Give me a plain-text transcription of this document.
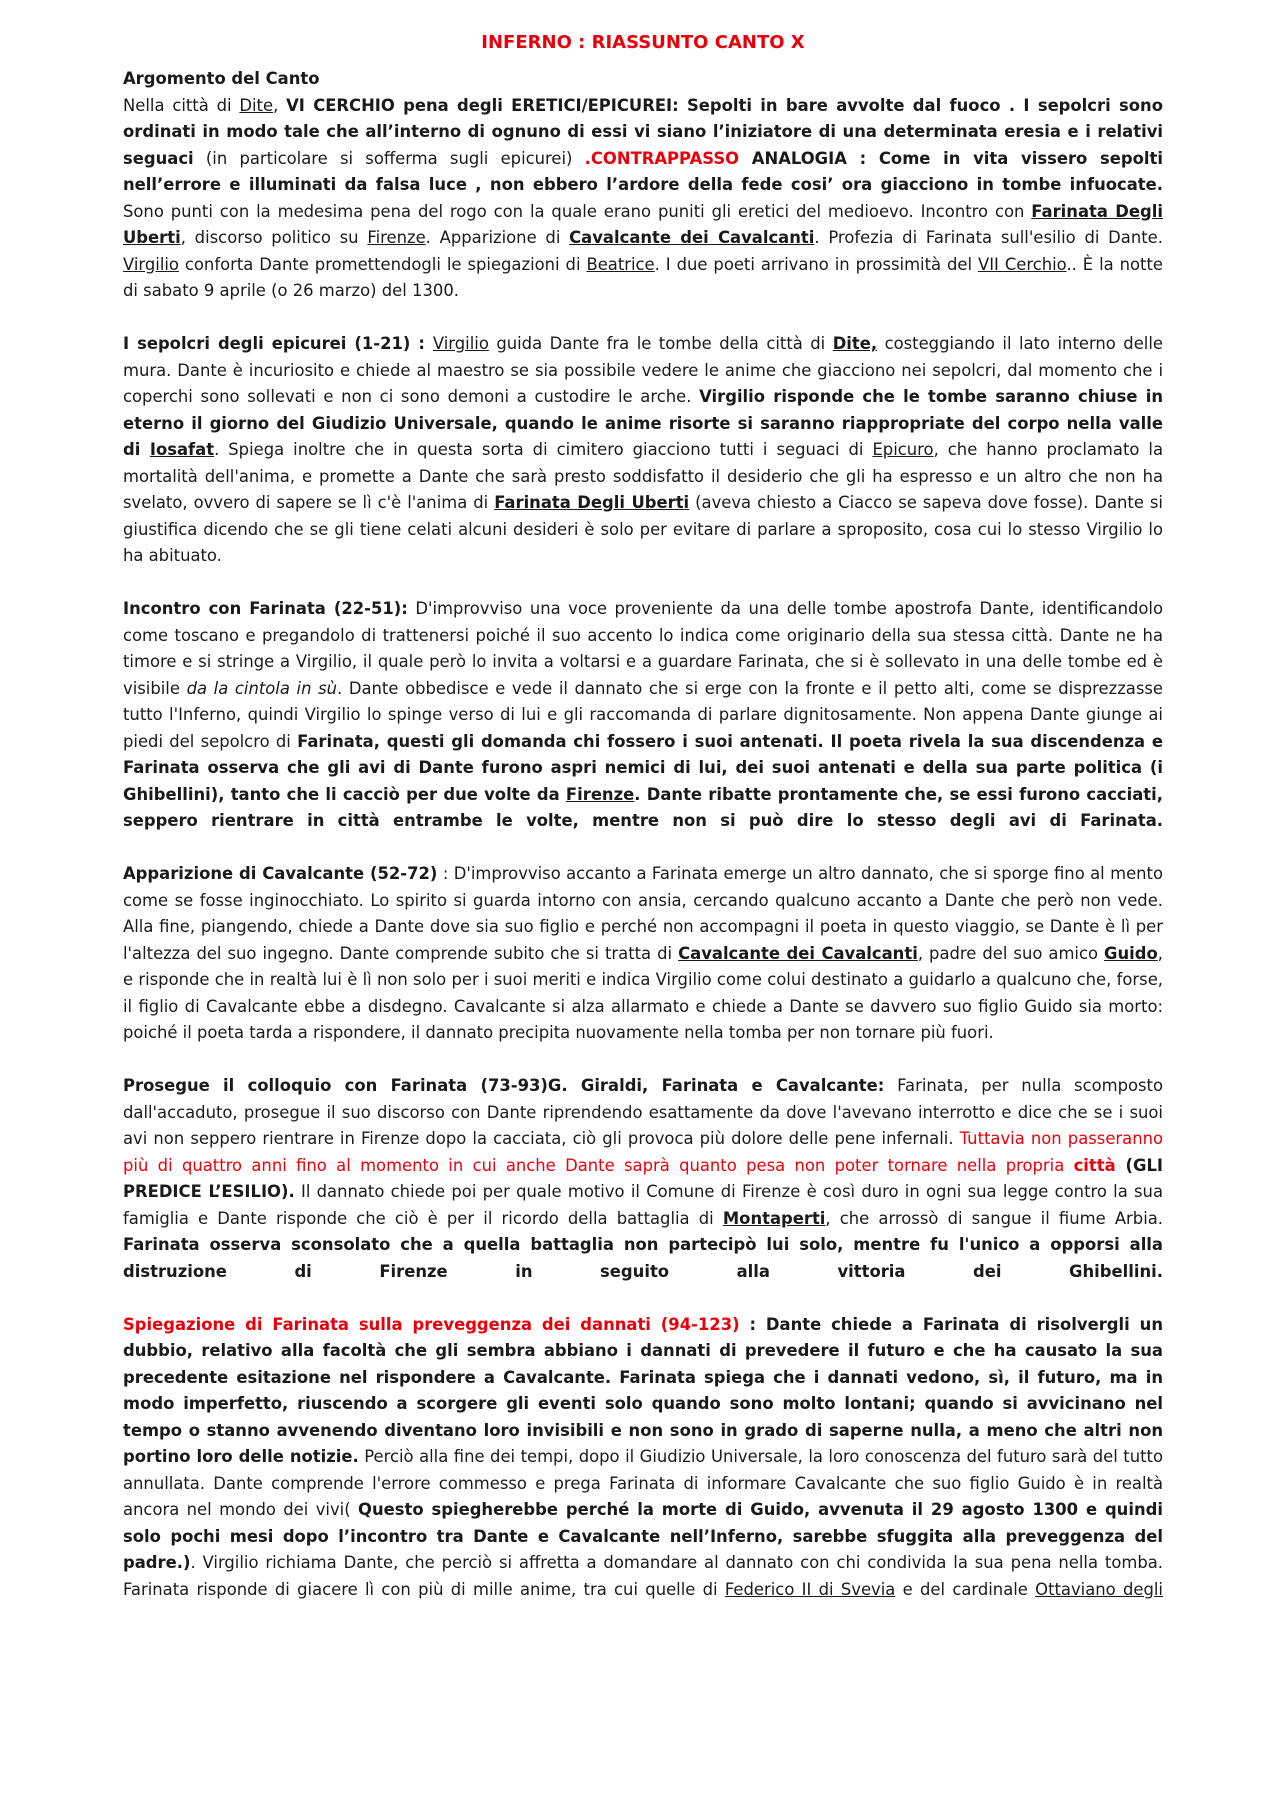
INFERNO : RIASSUNTO CANTO X
Argomento del Canto

Nella città di Dite, VI CERCHIO pena degli ERETICI/EPICUREI: Sepolti in bare avvolte dal fuoco . I sepolcri sono ordinati in modo tale che all’interno di ognuno di essi vi siano l’iniziatore di una determinata eresia e i relativi seguaci (in particolare si sofferma sugli epicurei) .CONTRAPPASSO ANALOGIA : Come in vita vissero sepolti nell’errore e illuminati da falsa luce , non ebbero l’ardore della fede cosi’ ora giacciono in tombe infuocate. Sono punti con la medesima pena del rogo con la quale erano puniti gli eretici del medioevo. Incontro con Farinata Degli Uberti, discorso politico su Firenze. Apparizione di Cavalcante dei Cavalcanti. Profezia di Farinata sull'esilio di Dante. Virgilio conforta Dante promettendogli le spiegazioni di Beatrice. I due poeti arrivano in prossimità del VII Cerchio.. È la notte di sabato 9 aprile (o 26 marzo) del 1300.

I sepolcri degli epicurei (1-21) : Virgilio guida Dante fra le tombe della città di Dite, costeggiando il lato interno delle mura. Dante è incuriosito e chiede al maestro se sia possibile vedere le anime che giacciono nei sepolcri, dal momento che i coperchi sono sollevati e non ci sono demoni a custodire le arche. Virgilio risponde che le tombe saranno chiuse in eterno il giorno del Giudizio Universale, quando le anime risorte si saranno riappropriate del corpo nella valle di Iosafat. Spiega inoltre che in questa sorta di cimitero giacciono tutti i seguaci di Epicuro, che hanno proclamato la mortalità dell'anima, e promette a Dante che sarà presto soddisfatto il desiderio che gli ha espresso e un altro che non ha svelato, ovvero di sapere se lì c'è l'anima di Farinata Degli Uberti (aveva chiesto a Ciacco se sapeva dove fosse). Dante si giustifica dicendo che se gli tiene celati alcuni desideri è solo per evitare di parlare a sproposito, cosa cui lo stesso Virgilio lo ha abituato.

Incontro con Farinata (22-51): D'improvviso una voce proveniente da una delle tombe apostrofa Dante, identificandolo come toscano e pregandolo di trattenersi poiché il suo accento lo indica come originario della sua stessa città. Dante ne ha timore e si stringe a Virgilio, il quale però lo invita a voltarsi e a guardare Farinata, che si è sollevato in una delle tombe ed è visibile da la cintola in sù. Dante obbedisce e vede il dannato che si erge con la fronte e il petto alti, come se disprezzasse tutto l'Inferno, quindi Virgilio lo spinge verso di lui e gli raccomanda di parlare dignitosamente. Non appena Dante giunge ai piedi del sepolcro di Farinata, questi gli domanda chi fossero i suoi antenati. Il poeta rivela la sua discendenza e Farinata osserva che gli avi di Dante furono aspri nemici di lui, dei suoi antenati e della sua parte politica (i Ghibellini), tanto che li cacciò per due volte da Firenze. Dante ribatte prontamente che, se essi furono cacciati, seppero rientrare in città entrambe le volte, mentre non si può dire lo stesso degli avi di Farinata.

Apparizione di Cavalcante (52-72) : D'improvviso accanto a Farinata emerge un altro dannato, che si sporge fino al mento come se fosse inginocchiato. Lo spirito si guarda intorno con ansia, cercando qualcuno accanto a Dante che però non vede. Alla fine, piangendo, chiede a Dante dove sia suo figlio e perché non accompagni il poeta in questo viaggio, se Dante è lì per l'altezza del suo ingegno. Dante comprende subito che si tratta di Cavalcante dei Cavalcanti, padre del suo amico Guido, e risponde che in realtà lui è lì non solo per i suoi meriti e indica Virgilio come colui destinato a guidarlo a qualcuno che, forse, il figlio di Cavalcante ebbe a disdegno. Cavalcante si alza allarmato e chiede a Dante se davvero suo figlio Guido sia morto: poiché il poeta tarda a rispondere, il dannato precipita nuovamente nella tomba per non tornare più fuori.

Prosegue il colloquio con Farinata (73-93)G. Giraldi, Farinata e Cavalcante: Farinata, per nulla scomposto dall'accaduto, prosegue il suo discorso con Dante riprendendo esattamente da dove l'avevano interrotto e dice che se i suoi avi non seppero rientrare in Firenze dopo la cacciata, ciò gli provoca più dolore delle pene infernali. Tuttavia non passeranno più di quattro anni fino al momento in cui anche Dante saprà quanto pesa non poter tornare nella propria città (GLI PREDICE L’ESILIO). Il dannato chiede poi per quale motivo il Comune di Firenze è così duro in ogni sua legge contro la sua famiglia e Dante risponde che ciò è per il ricordo della battaglia di Montaperti, che arrossò di sangue il fiume Arbia. Farinata osserva sconsolato che a quella battaglia non partecipò lui solo, mentre fu l'unico a opporsi alla distruzione di Firenze in seguito alla vittoria dei Ghibellini.

Spiegazione di Farinata sulla preveggenza dei dannati (94-123) : Dante chiede a Farinata di risolvergli un dubbio, relativo alla facoltà che gli sembra abbiano i dannati di prevedere il futuro e che ha causato la sua precedente esitazione nel rispondere a Cavalcante. Farinata spiega che i dannati vedono, sì, il futuro, ma in modo imperfetto, riuscendo a scorgere gli eventi solo quando sono molto lontani; quando si avvicinano nel tempo o stanno avvenendo diventano loro invisibili e non sono in grado di saperne nulla, a meno che altri non portino loro delle notizie. Perciò alla fine dei tempi, dopo il Giudizio Universale, la loro conoscenza del futuro sarà del tutto annullata. Dante comprende l'errore commesso e prega Farinata di informare Cavalcante che suo figlio Guido è in realtà ancora nel mondo dei vivi( Questo spiegherebbe perché la morte di Guido, avvenuta il 29 agosto 1300 e quindi solo pochi mesi dopo l’incontro tra Dante e Cavalcante nell’Inferno, sarebbe sfuggita alla preveggenza del padre.). Virgilio richiama Dante, che perciò si affretta a domandare al dannato con chi condivida la sua pena nella tomba. Farinata risponde di giacere lì con più di mille anime, tra cui quelle di Federico II di Svevia e del cardinale Ottaviano degli
